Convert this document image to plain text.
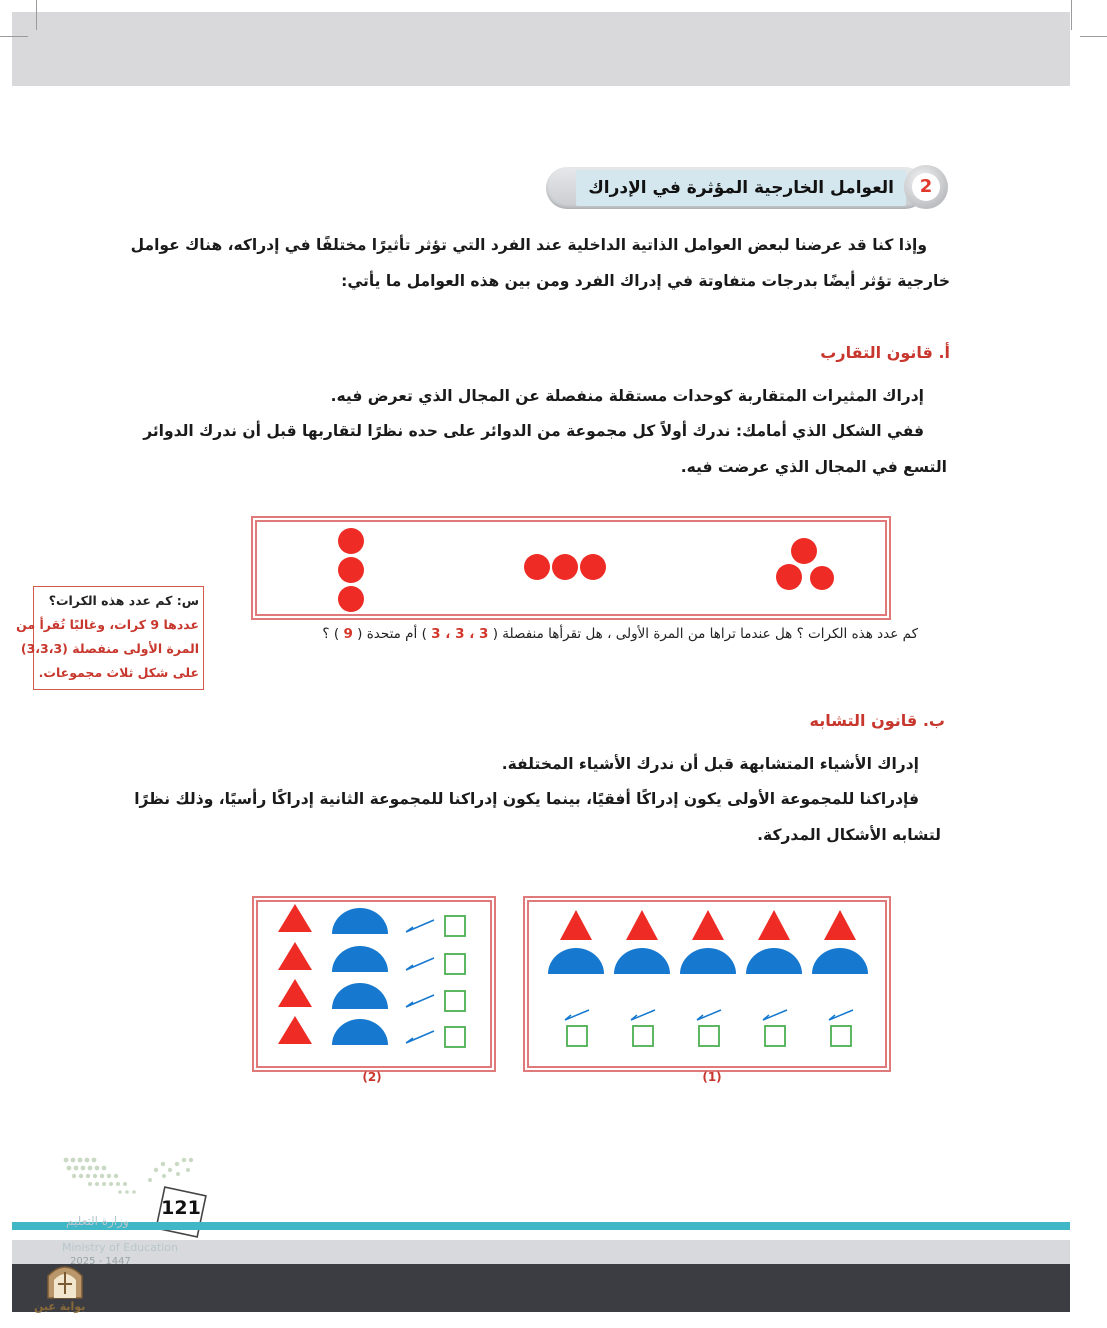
العوامل الخارجية المؤثرة في الإدراك	2
وإذا كنا قد عرضنا لبعض العوامل الذاتية الداخلية عند الفرد التي تؤثر تأثيرًا مختلفًا في إدراكه، هناك عوامل
خارجية تؤثر أيضًا بدرجات متفاوتة في إدراك الفرد ومن بين هذه العوامل ما يأتي:
أ. قانون التقارب
إدراك المثيرات المتقاربة كوحدات مستقلة منفصلة عن المجال الذي تعرض فيه.
ففي الشكل الذي أمامك: ندرك أولاً كل مجموعة من الدوائر على حده نظرًا لتقاربها قبل أن ندرك الدوائر
التسع في المجال الذي عرضت فيه.
كم عدد هذه الكرات ؟ هل عندما تراها من المرة الأولى ، هل تقرأها منفصلة ( 3 ، 3 ، 3 ) أم متحدة ( 9 ) ؟
س: كم عدد هذه الكرات؟
عددها 9 كرات، وغالبًا تُقرأ من
المرة الأولى منفصلة (3،3،3)
على شكل ثلاث مجموعات.
ب. قانون التشابه
إدراك الأشياء المتشابهة قبل أن ندرك الأشياء المختلفة.
فإدراكنا للمجموعة الأولى يكون إدراكًا أفقيًا، بينما يكون إدراكنا للمجموعة الثانية إدراكًا رأسيًا، وذلك نظرًا
لتشابه الأشكال المدركة.
(2)	(1)
121
وزارة التعليم
Ministry of Education
2025 - 1447
بوابة عين
